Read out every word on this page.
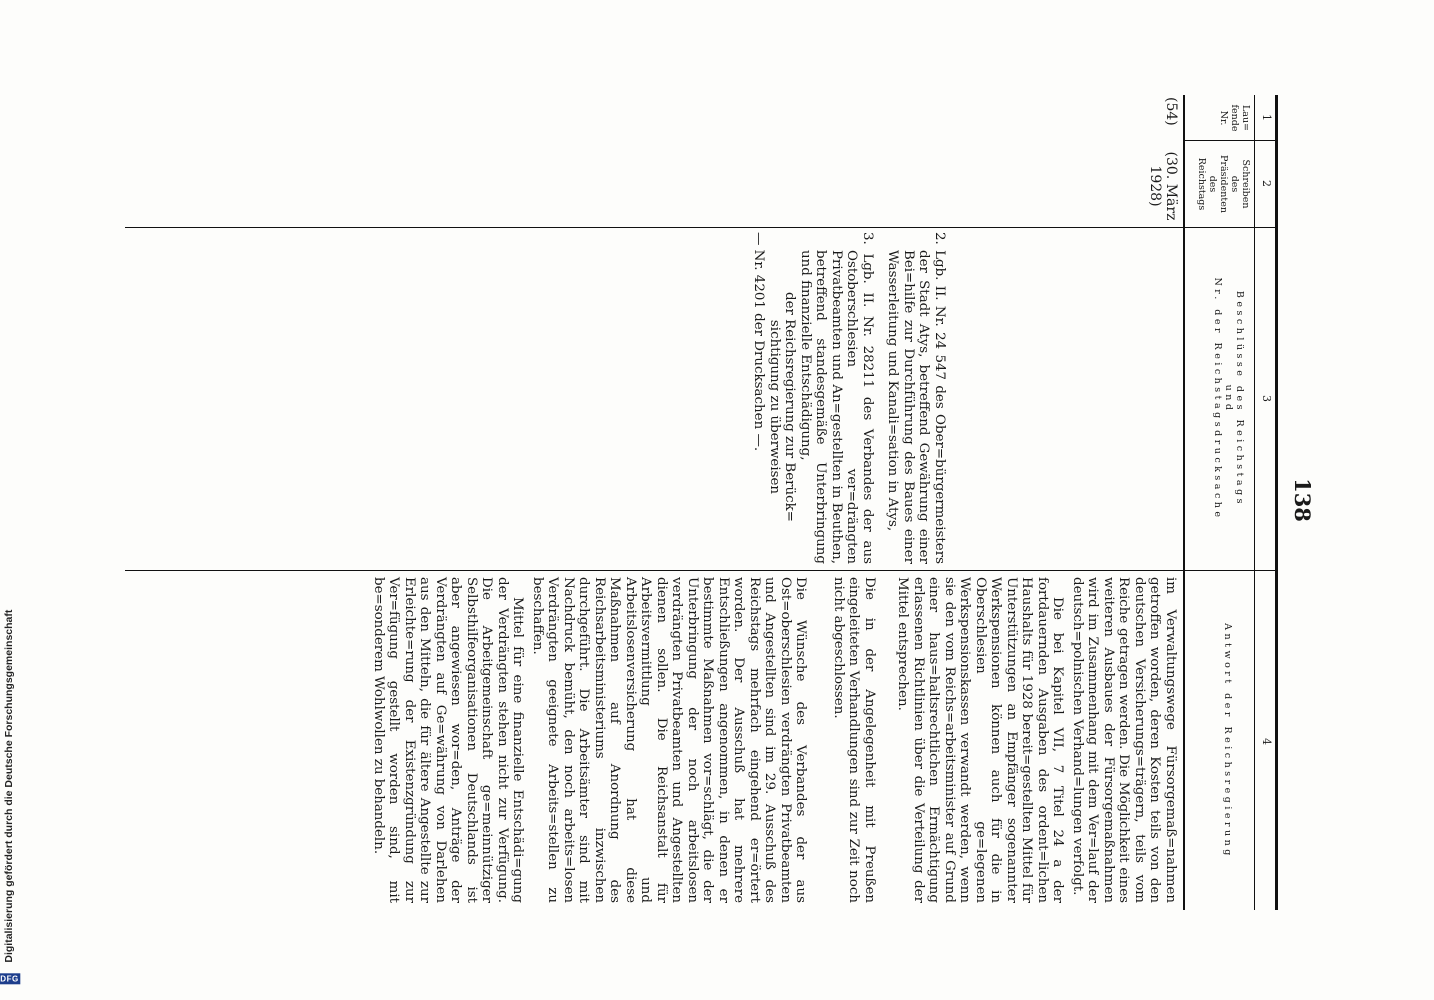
DFG
Digitalisierung gefördert durch die Deutsche Forschungsgemeinschaft
138
1
2
3
4
Lau=
fende
Nr.
Schreiben
des
Präsidenten
des
Reichstags
Beschlüsse des Reichstags
und
Nr. der Reichstagsdrucksache
Antwort der Reichsregierung
(54)
(30. März
1928)

2. Lgb. II. Nr. 24 547 des Ober=bürgermeisters der Stadt Atys, betreffend Gewährung einer Bei=hilfe zur Durchführung des Baues einer Wasserleitung und Kanali=sation in Atys,

3. Lgb. II. Nr. 28211 des Verbandes der aus Ostoberschlesien ver=drängten Privatbeamten und An=gestellten in Beuthen, betreffend standesgemäße Unterbringung und finanzielle Entschädigung,

der Reichsregierung zur Berück=

sichtigung zu überweisen

— Nr. 4201 der Drucksachen —.

im Verwaltungswege Fürsorgemaß=nahmen getroffen worden, deren Kosten teils von den deutschen Versicherungs=trägern, teils vom Reiche getragen werden. Die Möglichkeit eines weiteren Ausbaues der Fürsorgemaßnahmen wird im Zusammenhang mit dem Ver=lauf der deutsch=polnischen Verhand=lungen verfolgt.

Die bei Kapitel VII, 7 Titel 24 a der fortdauernden Ausgaben des ordent=lichen Haushalts für 1928 bereit=gestellten Mittel für Unterstützungen an Empfänger sogenannter Werkspensionen können auch für die in Oberschlesien ge=legenen Werkspensionskassen verwandt werden, wenn sie den vom Reichs=arbeitsminister auf Grund einer haus=haltsrechtlichen Ermächtigung erlassenen Richtlinien über die Verteilung der Mittel entsprechen.

Die in der Angelegenheit mit Preußen eingeleiteten Verhandlungen sind zur Zeit noch nicht abgeschlossen.

Die Wünsche des Verbandes der aus Ost=oberschlesien verdrängten Privatbeamten und Angestellten sind im 29. Ausschuß des Reichstags mehrfach eingehend er=örtert worden. Der Ausschuß hat mehrere Entschließungen angenommen, in denen er bestimmte Maßnahmen vor=schlägt, die der Unterbringung der noch arbeitslosen verdrängten Privatbeamten und Angestellten dienen sollen. Die Reichsanstalt für Arbeitsvermittlung und Arbeitslosenversicherung hat diese Maßnahmen auf Anordnung des Reichsarbeitsministeriums inzwischen durchgeführt. Die Arbeitsämter sind mit Nachdruck bemüht, den noch arbeits=losen Verdrängten geeignete Arbeits=stellen zu beschaffen.

Mittel für eine finanzielle Entschädi=gung der Verdrängten stehen nicht zur Verfügung. Die Arbeitgemeinschaft ge=meinnütziger Selbsthilfeorganisationen Deutschlands ist aber angewiesen wor=den, Anträge der Verdrängten auf Ge=währung von Darlehen aus den Mitteln, die für ältere Angestellte zur Erleichte=rung der Existenzgründung zur Ver=fügung gestellt worden sind, mit be=sonderem Wohlwollen zu behandeln.
